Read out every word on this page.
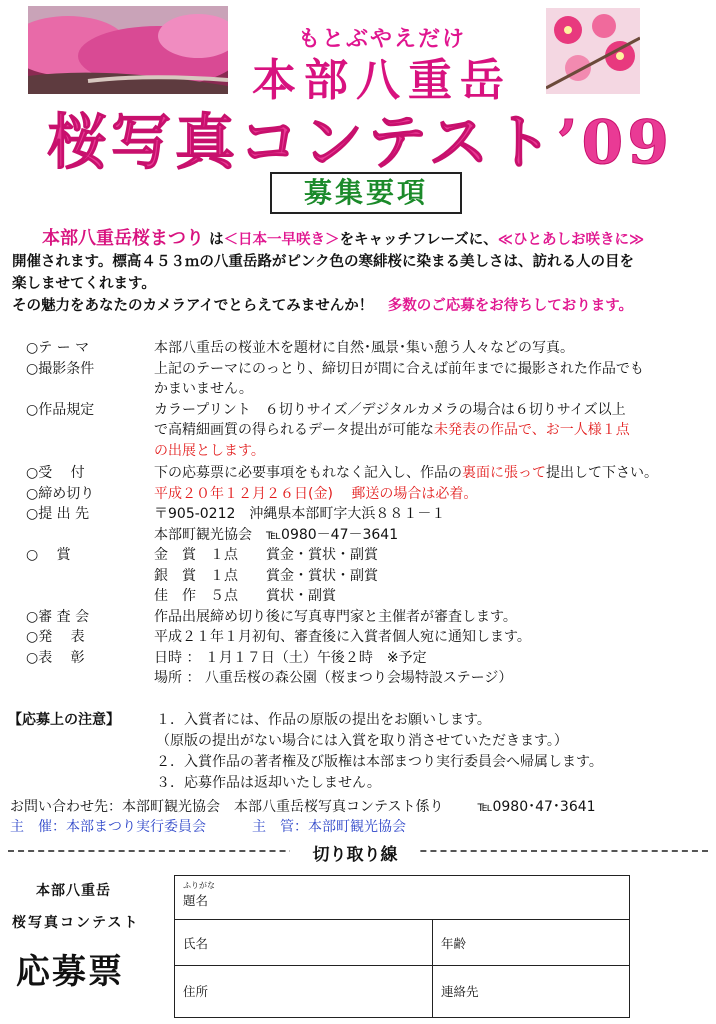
もとぶやえだけ
本部八重岳
桜写真コンテスト’09
募集要項
本部八重岳桜まつり は＜日本一早咲き＞をキャッチフレーズに、≪ひとあしお咲きに≫
開催されます。標高４５３ｍの八重岳路がピンク色の寒緋桜に染まる美しさは、訪れる人の目を
楽しませてくれます。
その魅力をあなたのカメラアイでとらえてみませんか！　 多数のご応募をお待ちしております。
○テ ー マ	本部八重岳の桜並木を題材に自然･風景･集い憩う人々などの写真。
○撮影条件	上記のテーマにのっとり、締切日が間に合えば前年までに撮影された作品でも
かまいません。
○作品規定	カラープリント　６切りサイズ／デジタルカメラの場合は６切りサイズ以上
で高精細画質の得られるデータ提出が可能な未発表の作品で、お一人様１点
の出展とします。
○受　 付	下の応募票に必要事項をもれなく記入し、作品の裏面に張って提出して下さい。
○締め切り	平成２０年１２月２６日(金)　 郵送の場合は必着。
○提 出 先	〒905-0212　沖縄県本部町字大浜８８１－１
本部町観光協会　℡0980－47－3641
○　 賞	金　賞　１点　　賞金・賞状・副賞
銀　賞　１点　　賞金・賞状・副賞
佳　作　５点　　賞状・副賞
○審 査 会	作品出展締め切り後に写真専門家と主催者が審査します。
○発　 表	平成２１年１月初旬、審査後に入賞者個人宛に通知します。
○表　 彰	日時 ： １月１７日（土）午後２時　※予定
場所 ： 八重岳桜の森公園（桜まつり会場特設ステージ）
【応募上の注意】	１．入賞者には、作品の原版の提出をお願いします。
（原版の提出がない場合には入賞を取り消させていただきます。）
２．入賞作品の著者権及び版権は本部まつり実行委員会へ帰属します。
３．応募作品は返却いたしません。
お問い合わせ先：本部町観光協会　本部八重岳桜写真コンテスト係り ℡0980･47･3641
主　催：本部まつり実行委員会	主　管：本部町観光協会
切り取り線
本部八重岳
桜写真コンテスト
応募票
ふりがな
題名	
氏名	年齢
住所	連絡先
